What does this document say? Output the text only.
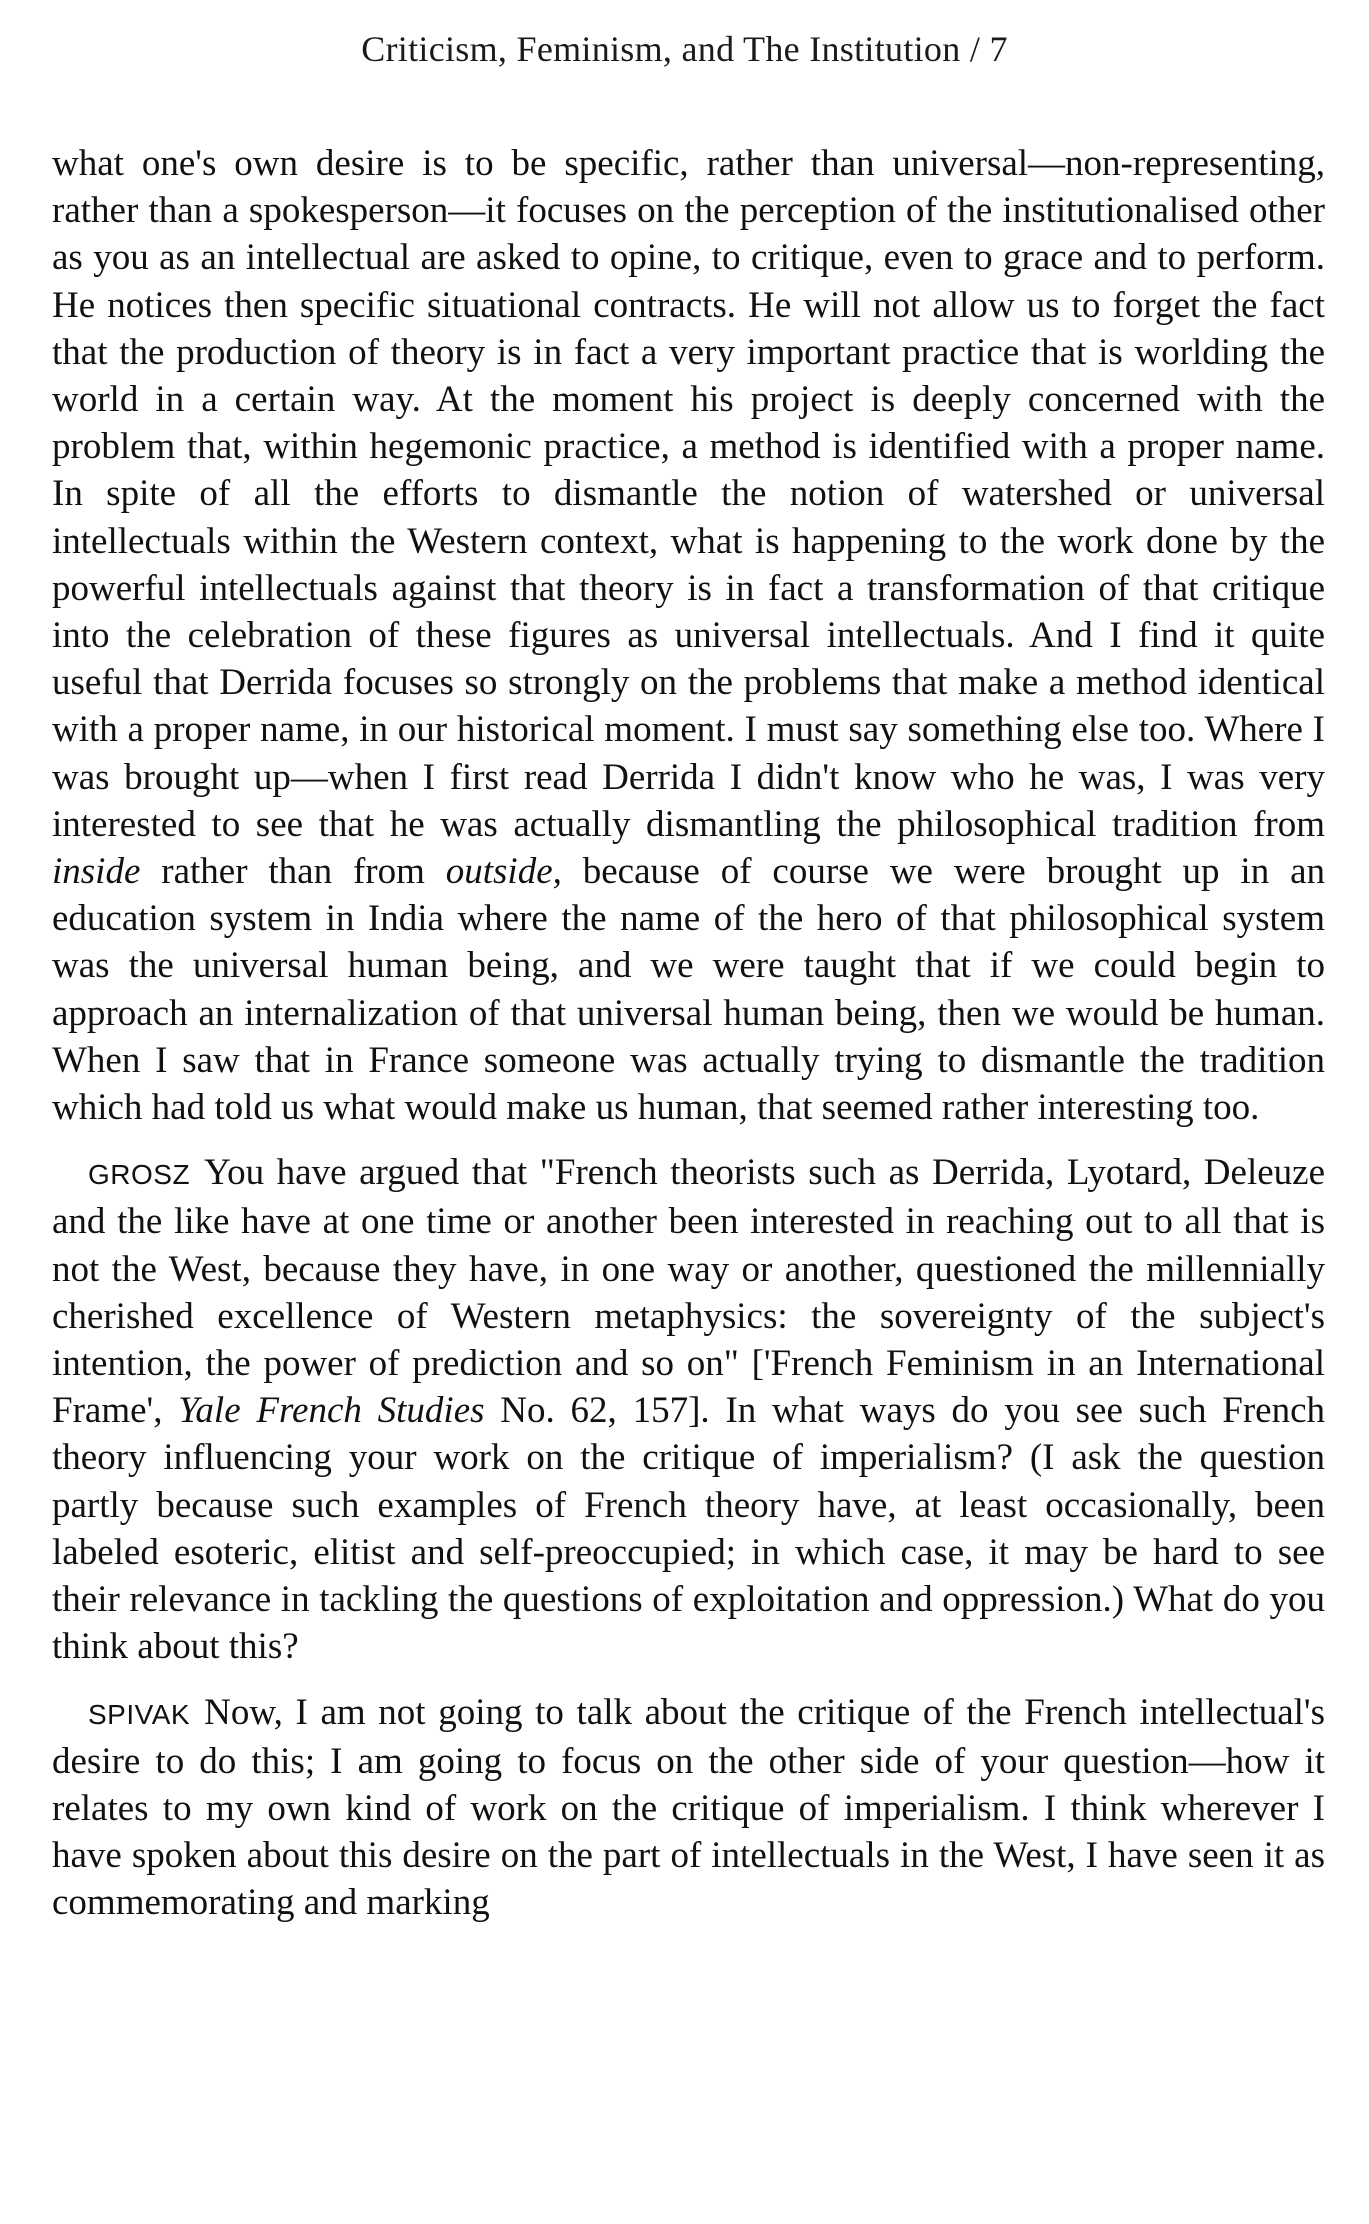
Criticism, Feminism, and The Institution / 7

what one's own desire is to be specific, rather than universal—non-representing, rather than a spokesperson—it focuses on the perception of the institutionalised other as you as an intellectual are asked to opine, to critique, even to grace and to perform. He notices then specific situational contracts. He will not allow us to forget the fact that the production of theory is in fact a very important practice that is worlding the world in a certain way. At the moment his project is deeply concerned with the problem that, within hegemonic practice, a method is identified with a proper name. In spite of all the efforts to dismantle the notion of watershed or universal intellectuals within the Western context, what is happening to the work done by the powerful intellectuals against that theory is in fact a transformation of that critique into the celebration of these figures as universal intellectuals. And I find it quite useful that Derrida focuses so strongly on the problems that make a method identical with a proper name, in our historical moment. I must say something else too. Where I was brought up—when I first read Derrida I didn't know who he was, I was very interested to see that he was actually dismantling the philosophical tradition from inside rather than from outside, because of course we were brought up in an education system in India where the name of the hero of that philosophical system was the universal human being, and we were taught that if we could begin to approach an internalization of that universal human being, then we would be human. When I saw that in France someone was actually trying to dismantle the tradition which had told us what would make us human, that seemed rather interesting too.

GROSZ You have argued that "French theorists such as Derrida, Lyotard, Deleuze and the like have at one time or another been interested in reaching out to all that is not the West, because they have, in one way or another, questioned the millennially cherished excellence of Western metaphysics: the sovereignty of the subject's intention, the power of prediction and so on" ['French Feminism in an International Frame', Yale French Studies No. 62, 157]. In what ways do you see such French theory influencing your work on the critique of imperialism? (I ask the question partly because such examples of French theory have, at least occasionally, been labeled esoteric, elitist and self-preoccupied; in which case, it may be hard to see their relevance in tackling the questions of exploitation and oppression.) What do you think about this?

SPIVAK Now, I am not going to talk about the critique of the French intellectual's desire to do this; I am going to focus on the other side of your question—how it relates to my own kind of work on the critique of imperialism. I think wherever I have spoken about this desire on the part of intellectuals in the West, I have seen it as commemorating and marking
